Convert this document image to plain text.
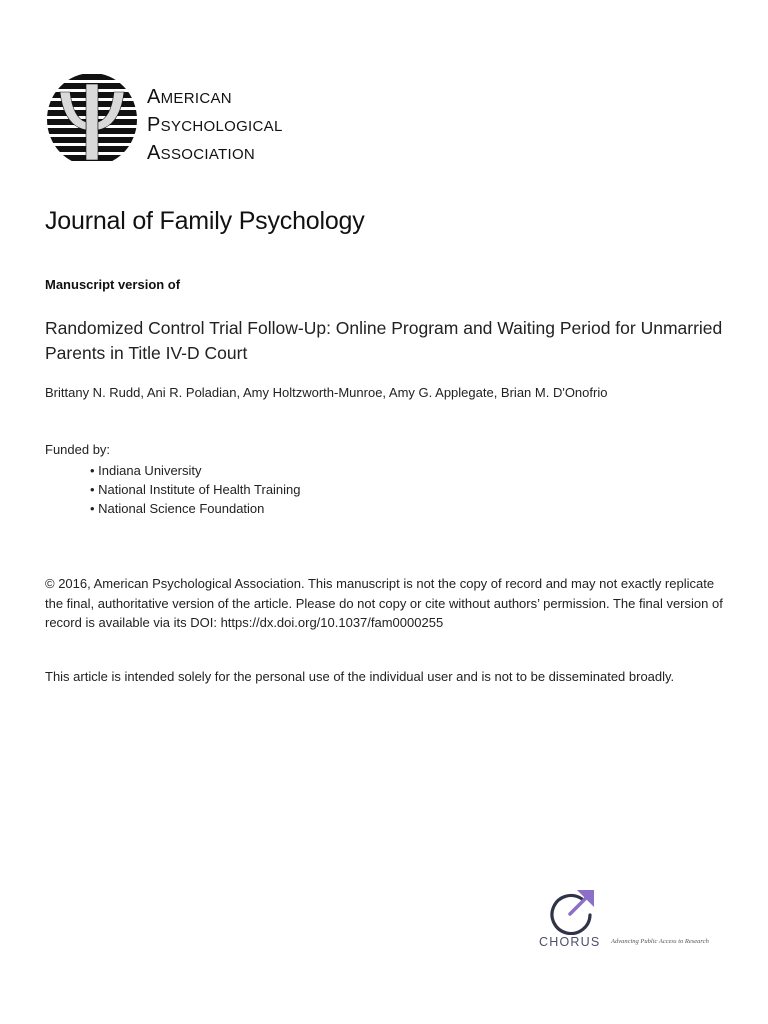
AMERICAN
PSYCHOLOGICAL
ASSOCIATION
Journal of Family Psychology
Manuscript version of
Randomized Control Trial Follow-Up: Online Program and Waiting Period for Unmarried Parents in Title IV-D Court
Brittany N. Rudd, Ani R. Poladian, Amy Holtzworth-Munroe, Amy G. Applegate, Brian M. D'Onofrio
Funded by:
• Indiana University
• National Institute of Health Training
• National Science Foundation
© 2016, American Psychological Association. This manuscript is not the copy of record and may not exactly replicate the final, authoritative version of the article. Please do not copy or cite without authors’ permission. The final version of record is available via its DOI: https://dx.doi.org/10.1037/fam0000255
This article is intended solely for the personal use of the individual user and is not to be disseminated broadly.
CHORUS Advancing Public Access to Research
